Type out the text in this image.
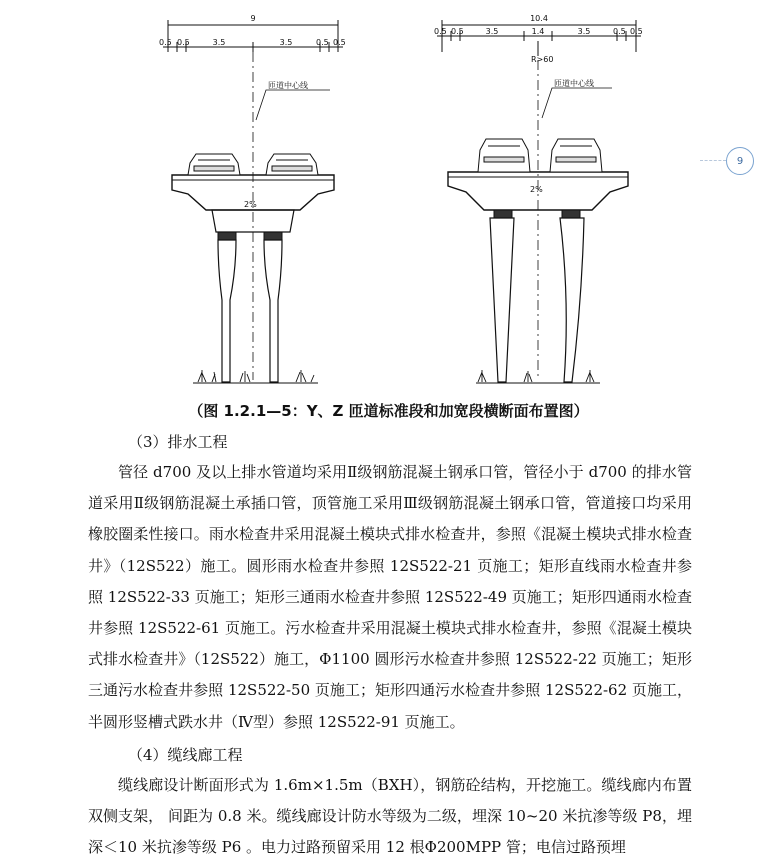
9
0.5 0.5	3.5	3.5	0.5 0.5
匝道中心线
2%
10.4
0.5 0.5	3.5	1.4	3.5	0.5 0.5
R>60
匝道中心线
2%
（图 1.2.1—5：Y、Z 匝道标准段和加宽段横断面布置图）
（3）排水工程

管径 d700 及以上排水管道均采用Ⅱ级钢筋混凝土钢承口管，管径小于 d700 的排水管道采用Ⅱ级钢筋混凝土承插口管，顶管施工采用Ⅲ级钢筋混凝土钢承口管，管道接口均采用橡胶圈柔性接口。雨水检查井采用混凝土模块式排水检查井，参照《混凝土模块式排水检查井》（12S522）施工。圆形雨水检查井参照 12S522-21 页施工；矩形直线雨水检查井参照 12S522-33 页施工；矩形三通雨水检查井参照 12S522-49 页施工；矩形四通雨水检查井参照 12S522-61 页施工。污水检查井采用混凝土模块式排水检查井，参照《混凝土模块式排水检查井》（12S522）施工，Φ1100 圆形污水检查井参照 12S522-22 页施工；矩形三通污水检查井参照 12S522-50 页施工；矩形四通污水检查井参照 12S522-62 页施工，半圆形竖槽式跌水井（Ⅳ型）参照 12S522-91 页施工。

（4）缆线廊工程

缆线廊设计断面形式为 1.6m×1.5m（BXH），钢筋砼结构，开挖施工。缆线廊内布置双侧支架， 间距为 0.8 米。缆线廊设计防水等级为二级，埋深 10~20 米抗渗等级 P8，埋深＜10 米抗渗等级 P6 。电力过路预留采用 12 根Φ200MPP 管；电信过路预埋

9
